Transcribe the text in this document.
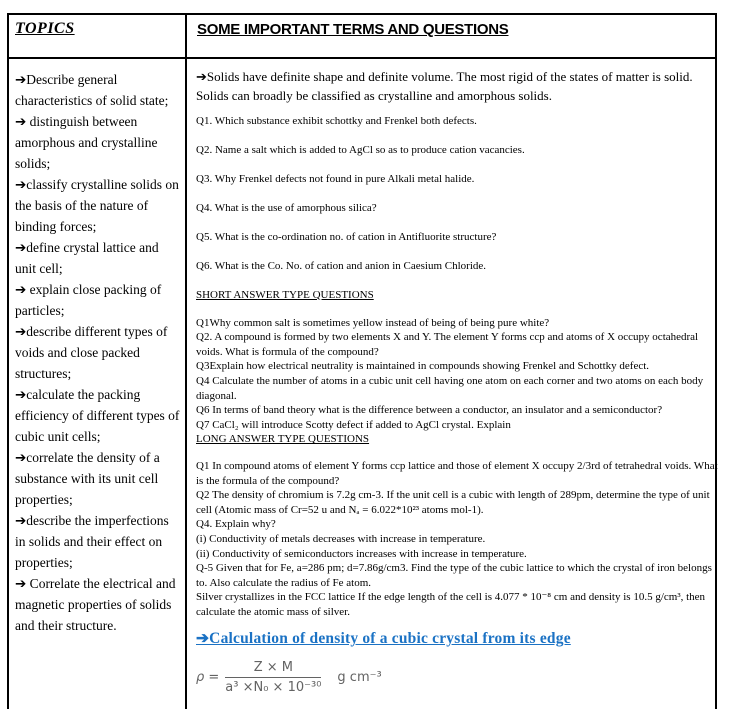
TOPICS	SOME IMPORTANT TERMS AND QUESTIONS
➔Describe general characteristics of solid state;
➔ distinguish between amorphous and crystalline solids;
➔classify crystalline solids on the basis of the nature of binding forces;
➔define crystal lattice and unit cell;
➔ explain close packing of particles;
➔describe different types of voids and close packed structures;
➔calculate the packing efficiency of different types of cubic unit cells;
➔correlate the density of a substance with its unit cell properties;
➔describe the imperfections in solids and their effect on properties;
➔ Correlate the electrical and magnetic properties of solids and their structure.
➔Solids have definite shape and definite volume. The most rigid of the states of matter is solid. Solids can broadly be classified as crystalline and amorphous solids.
Q1. Which substance exhibit schottky and Frenkel both defects.
Q2. Name a salt which is added to AgCl so as to produce cation vacancies.
Q3. Why Frenkel defects not found in pure Alkali metal halide.
Q4. What is the use of amorphous silica?
Q5. What is the co-ordination no. of cation in Antifluorite structure?
Q6. What is the Co. No. of cation and anion in Caesium Chloride.
SHORT ANSWER TYPE QUESTIONS
Q1Why common salt is sometimes yellow instead of being of being pure white?
Q2. A compound is formed by two elements X and Y. The element Y forms ccp and atoms of X occupy octahedral voids. What is formula of the compound?
Q3Explain how electrical neutrality is maintained in compounds showing Frenkel and Schottky defect.
Q4 Calculate the number of atoms in a cubic unit cell having one atom on each corner and two atoms on each body diagonal.
Q6 In terms of band theory what is the difference between a conductor, an insulator and a semiconductor?
Q7 CaCl₂ will introduce Scotty defect if added to AgCl crystal. Explain
LONG ANSWER TYPE QUESTIONS
Q1 In compound atoms of element Y forms ccp lattice and those of element X occupy 2/3rd of tetrahedral voids. What is the formula of the compound?
Q2 The density of chromium is 7.2g cm-3. If the unit cell is a cubic with length of 289pm, determine the type of unit cell (Atomic mass of Cr=52 u and Nₐ = 6.022*10²³ atoms mol-1).
Q4. Explain why?
(i) Conductivity of metals decreases with increase in temperature.
(ii) Conductivity of semiconductors increases with increase in temperature.
Q-5 Given that for Fe, a=286 pm; d=7.86g/cm3. Find the type of the cubic lattice to which the crystal of iron belongs to. Also calculate the radius of Fe atom.
Silver crystallizes in the FCC lattice If the edge length of the cell is 4.077 * 10⁻⁸ cm and density is 10.5 g/cm³, then calculate the atomic mass of silver.
➔Calculation of density of a cubic crystal from its edge
$\rho = \frac{Z \times M}{\text{a³ ×N₀ × 10⁻³⁰}}$ g cm⁻³
